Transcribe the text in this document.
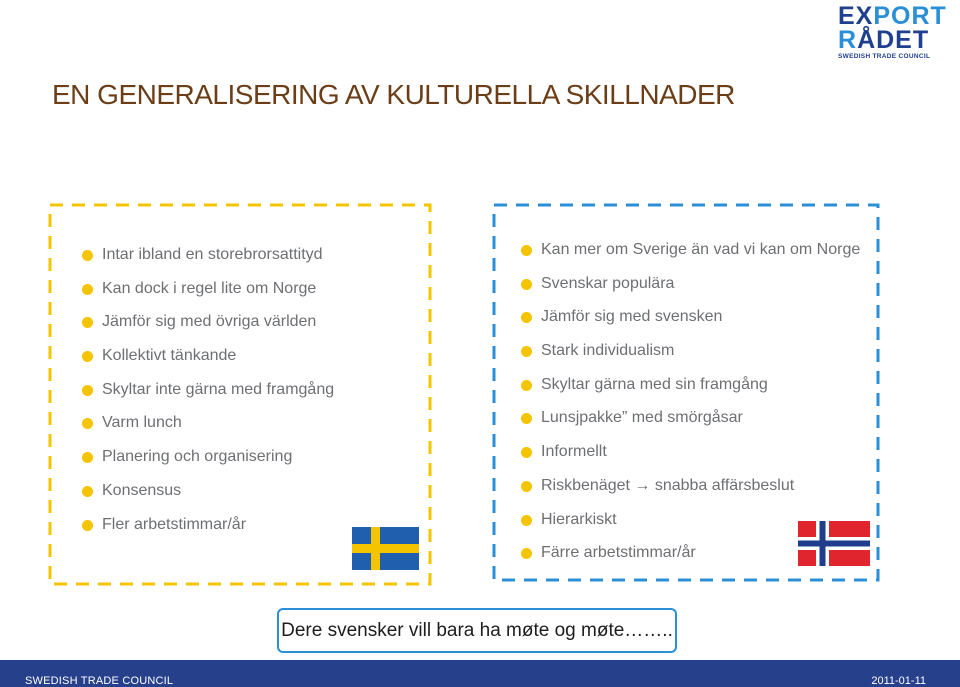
EXPORT
RÅDET
SWEDISH TRADE COUNCIL
EN GENERALISERING AV KULTURELLA SKILLNADER
Intar ibland en storebrorsattityd
Kan dock i regel lite om Norge
Jämför sig med övriga världen
Kollektivt tänkande
Skyltar inte gärna med framgång
Varm lunch
Planering och organisering
Konsensus
Fler arbetstimmar/år
Kan mer om Sverige än vad vi kan om Norge
Svenskar populära
Jämför sig med svensken
Stark individualism
Skyltar gärna med sin framgång
Lunsjpakke” med smörgåsar
Informellt
Riskbenäget → snabba affärsbeslut
Hierarkiskt
Färre arbetstimmar/år
Dere svensker vill bara ha møte og møte……..
SWEDISH TRADE COUNCIL	2011-01-11
